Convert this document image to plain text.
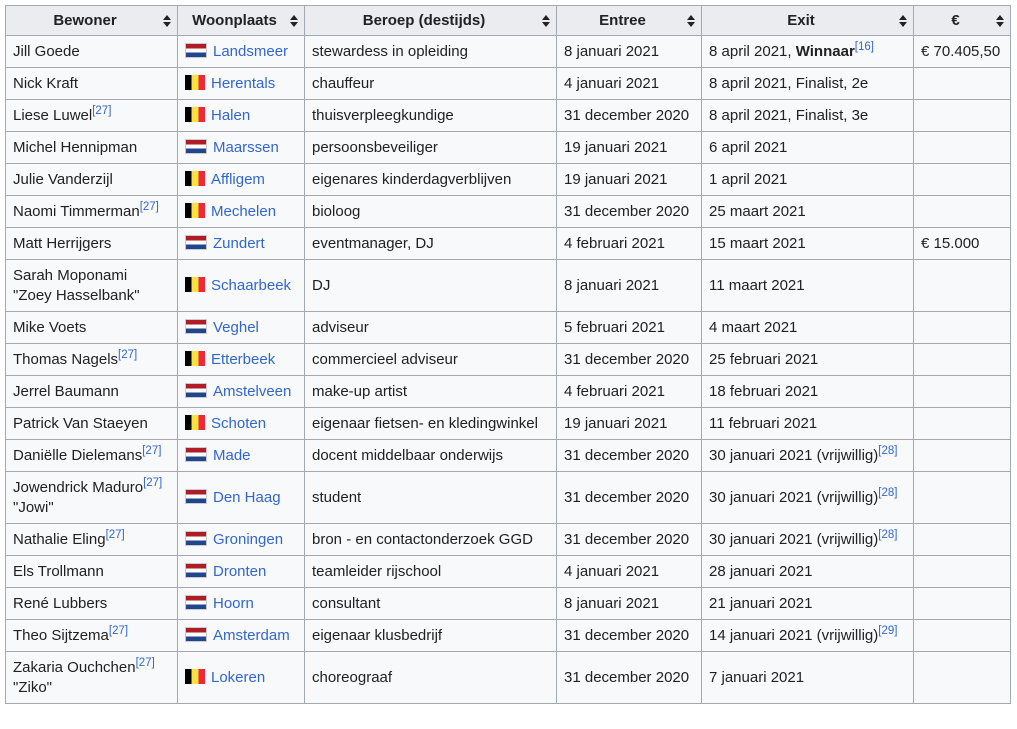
Bewoner	Woonplaats	Beroep (destijds)	Entree	Exit	€

Jill Goede	Landsmeer	stewardess in opleiding	8 januari 2021	8 april 2021, Winnaar[16]	€ 70.405,50
Nick Kraft	Herentals	chauffeur	4 januari 2021	8 april 2021, Finalist, 2e	
Liese Luwel[27]	Halen	thuisverpleegkundige	31 december 2020	8 april 2021, Finalist, 3e	
Michel Hennipman	Maarssen	persoonsbeveiliger	19 januari 2021	6 april 2021	
Julie Vanderzijl	Affligem	eigenares kinderdagverblijven	19 januari 2021	1 april 2021	
Naomi Timmerman[27]	Mechelen	bioloog	31 december 2020	25 maart 2021	
Matt Herrijgers	Zundert	eventmanager, DJ	4 februari 2021	15 maart 2021	€ 15.000
Sarah Moponami
"Zoey Hasselbank"	Schaarbeek	DJ	8 januari 2021	11 maart 2021	
Mike Voets	Veghel	adviseur	5 februari 2021	4 maart 2021	
Thomas Nagels[27]	Etterbeek	commercieel adviseur	31 december 2020	25 februari 2021	
Jerrel Baumann	Amstelveen	make-up artist	4 februari 2021	18 februari 2021	
Patrick Van Staeyen	Schoten	eigenaar fietsen- en kledingwinkel	19 januari 2021	11 februari 2021	
Daniëlle Dielemans[27]	Made	docent middelbaar onderwijs	31 december 2020	30 januari 2021 (vrijwillig)[28]	
Jowendrick Maduro[27]
"Jowi"	Den Haag	student	31 december 2020	30 januari 2021 (vrijwillig)[28]	
Nathalie Eling[27]	Groningen	bron - en contactonderzoek GGD	31 december 2020	30 januari 2021 (vrijwillig)[28]	
Els Trollmann	Dronten	teamleider rijschool	4 januari 2021	28 januari 2021	
René Lubbers	Hoorn	consultant	8 januari 2021	21 januari 2021	
Theo Sijtzema[27]	Amsterdam	eigenaar klusbedrijf	31 december 2020	14 januari 2021 (vrijwillig)[29]	
Zakaria Ouchchen[27]
"Ziko"	Lokeren	choreograaf	31 december 2020	7 januari 2021	
